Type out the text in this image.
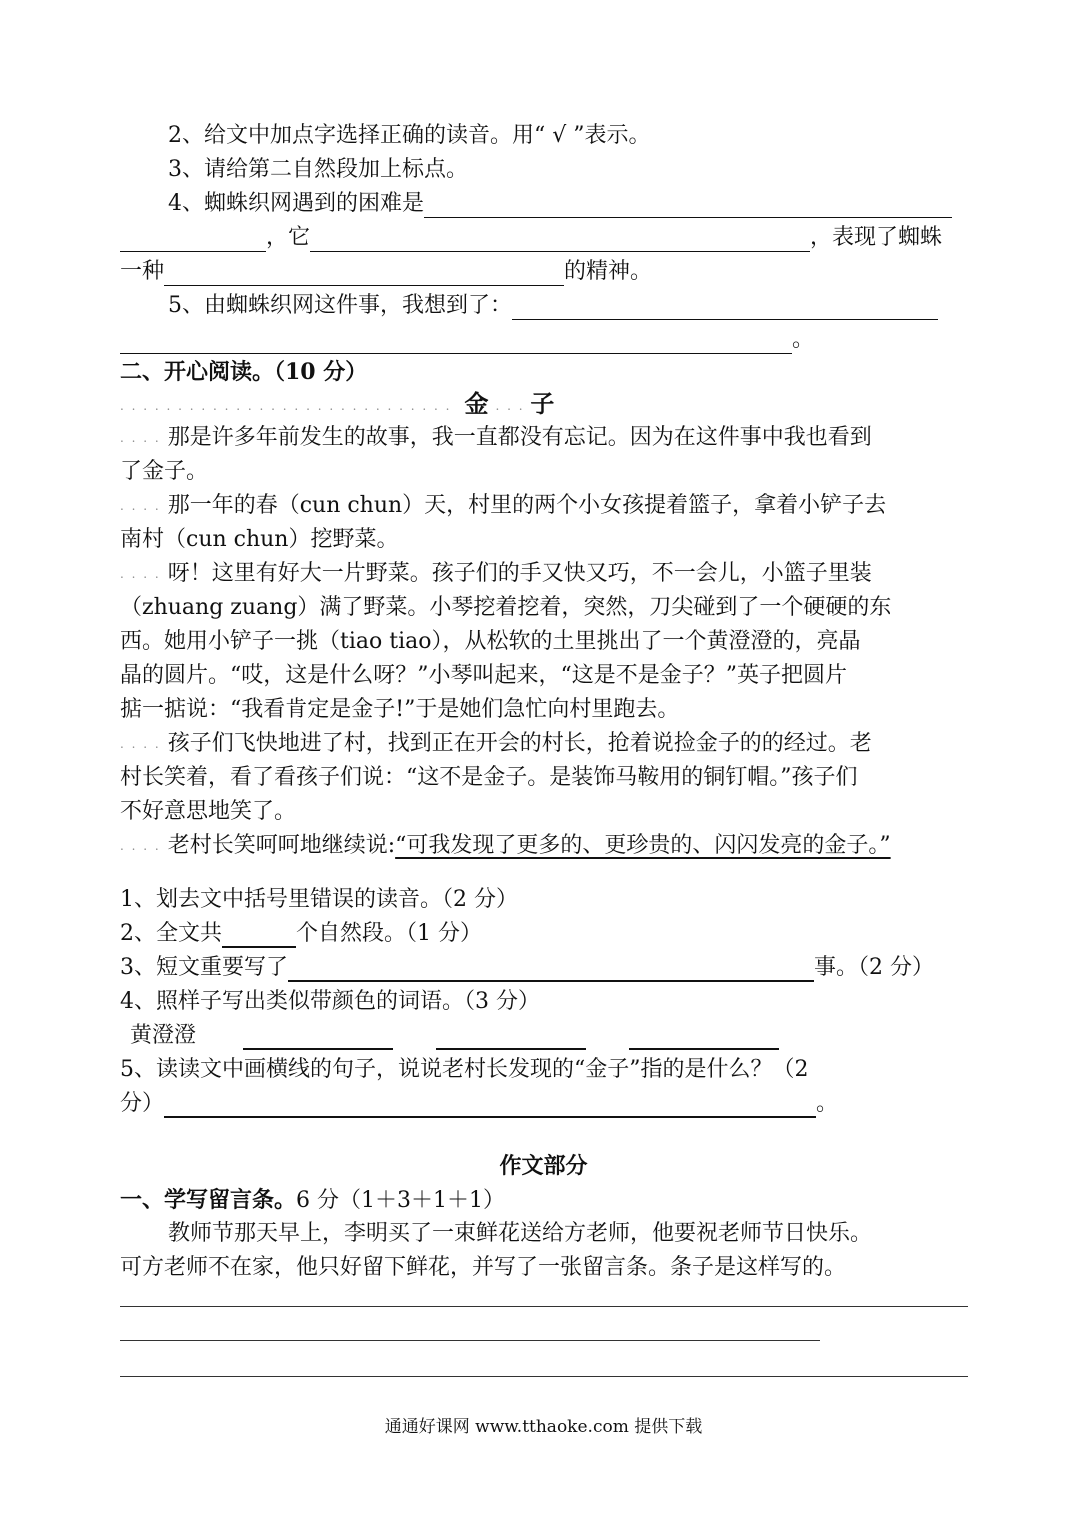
2、给文中加点字选择正确的读音。用“ √ ”表示。
3、请给第二自然段加上标点。
4、蜘蛛织网遇到的困难是
，它	，表现了蜘蛛
一种	的精神。
5、由蜘蛛织网这件事，我想到了：
。
二、开心阅读。（10 分）
. . . . . . . . . . . . . . . . . . . . . . . . . . . . . 金 . . . 子
. . . . 那是许多年前发生的故事，我一直都没有忘记。因为在这件事中我也看到
了金子。
. . . . 那一年的春（cun chun）天，村里的两个小女孩提着篮子，拿着小铲子去
南村（cun chun）挖野菜。
. . . . 呀！这里有好大一片野菜。孩子们的手又快又巧，不一会儿，小篮子里装
（zhuang zuang）满了野菜。小琴挖着挖着，突然，刀尖碰到了一个硬硬的东
西。她用小铲子一挑（tiao tiao），从松软的土里挑出了一个黄澄澄的，亮晶
晶的圆片。“哎，这是什么呀？”小琴叫起来，“这是不是金子？”英子把圆片
掂一掂说：“我看肯定是金子!”于是她们急忙向村里跑去。
. . . . 孩子们飞快地进了村，找到正在开会的村长，抢着说捡金子的的经过。老
村长笑着，看了看孩子们说：“这不是金子。是装饰马鞍用的铜钉帽。”孩子们
不好意思地笑了。
. . . . 老村长笑呵呵地继续说:“可我发现了更多的、更珍贵的、闪闪发亮的金子。”
1、划去文中括号里错误的读音。（2 分）
2、全文共	个自然段。（1 分）
3、短文重要写了	事。（2 分）
4、照样子写出类似带颜色的词语。（3 分）
黄澄澄
5、读读文中画横线的句子，说说老村长发现的“金子”指的是什么？（2
分）	。
作文部分
一、学写留言条。6 分（1＋3＋1＋1）
教师节那天早上，李明买了一束鲜花送给方老师，他要祝老师节日快乐。
可方老师不在家，他只好留下鲜花，并写了一张留言条。条子是这样写的。
通通好课网 www.tthaoke.com 提供下载
